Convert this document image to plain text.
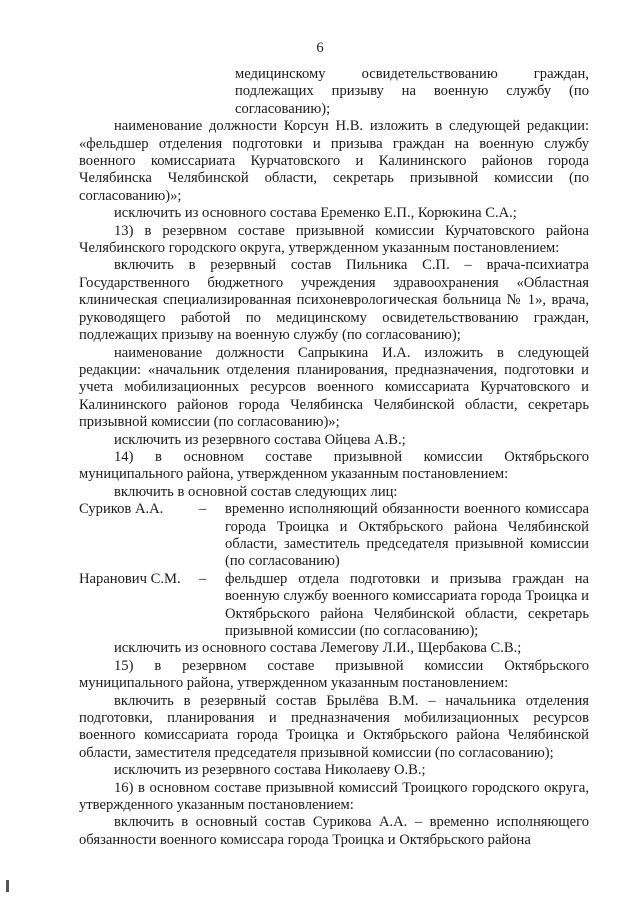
6

медицинскому освидетельствованию граждан, подлежащих призыву на военную службу (по согласованию);

наименование должности Корсун Н.В. изложить в следующей редакции: «фельдшер отделения подготовки и призыва граждан на военную службу военного комиссариата Курчатовского и Калининского районов города Челябинска Челябинской области, секретарь призывной комиссии (по согласованию)»;

исключить из основного состава Еременко Е.П., Корюкина С.А.;

13) в резервном составе призывной комиссии Курчатовского района Челябинского городского округа, утвержденном указанным постановлением:

включить в резервный состав Пильника С.П. – врача-психиатра Государственного бюджетного учреждения здравоохранения «Областная клиническая специализированная психоневрологическая больница № 1», врача, руководящего работой по медицинскому освидетельствованию граждан, подлежащих призыву на военную службу (по согласованию);

наименование должности Сапрыкина И.А. изложить в следующей редакции: «начальник отделения планирования, предназначения, подготовки и учета мобилизационных ресурсов военного комиссариата Курчатовского и Калининского районов города Челябинска Челябинской области, секретарь призывной комиссии (по согласованию)»;

исключить из резервного состава Ойцева А.В.;

14) в основном составе призывной комиссии Октябрьского муниципального района, утвержденном указанным постановлением:

включить в основной состав следующих лиц:

Суриков А.А.	–	временно исполняющий обязанности военного комиссара города Троицка и Октябрьского района Челябинской области, заместитель председателя призывной комиссии (по согласованию)
Наранович С.М.	–	фельдшер отдела подготовки и призыва граждан на военную службу военного комиссариата города Троицка и Октябрьского района Челябинской области, секретарь призывной комиссии (по согласованию);

исключить из основного состава Лемегову Л.И., Щербакова С.В.;

15) в резервном составе призывной комиссии Октябрьского муниципального района, утвержденном указанным постановлением:

включить в резервный состав Брылёва В.М. – начальника отделения подготовки, планирования и предназначения мобилизационных ресурсов военного комиссариата города Троицка и Октябрьского района Челябинской области, заместителя председателя призывной комиссии (по согласованию);

исключить из резервного состава Николаеву О.В.;

16) в основном составе призывной комиссий Троицкого городского округа, утвержденного указанным постановлением:

включить в основный состав Сурикова А.А. – временно исполняющего обязанности военного комиссара города Троицка и Октябрьского района
